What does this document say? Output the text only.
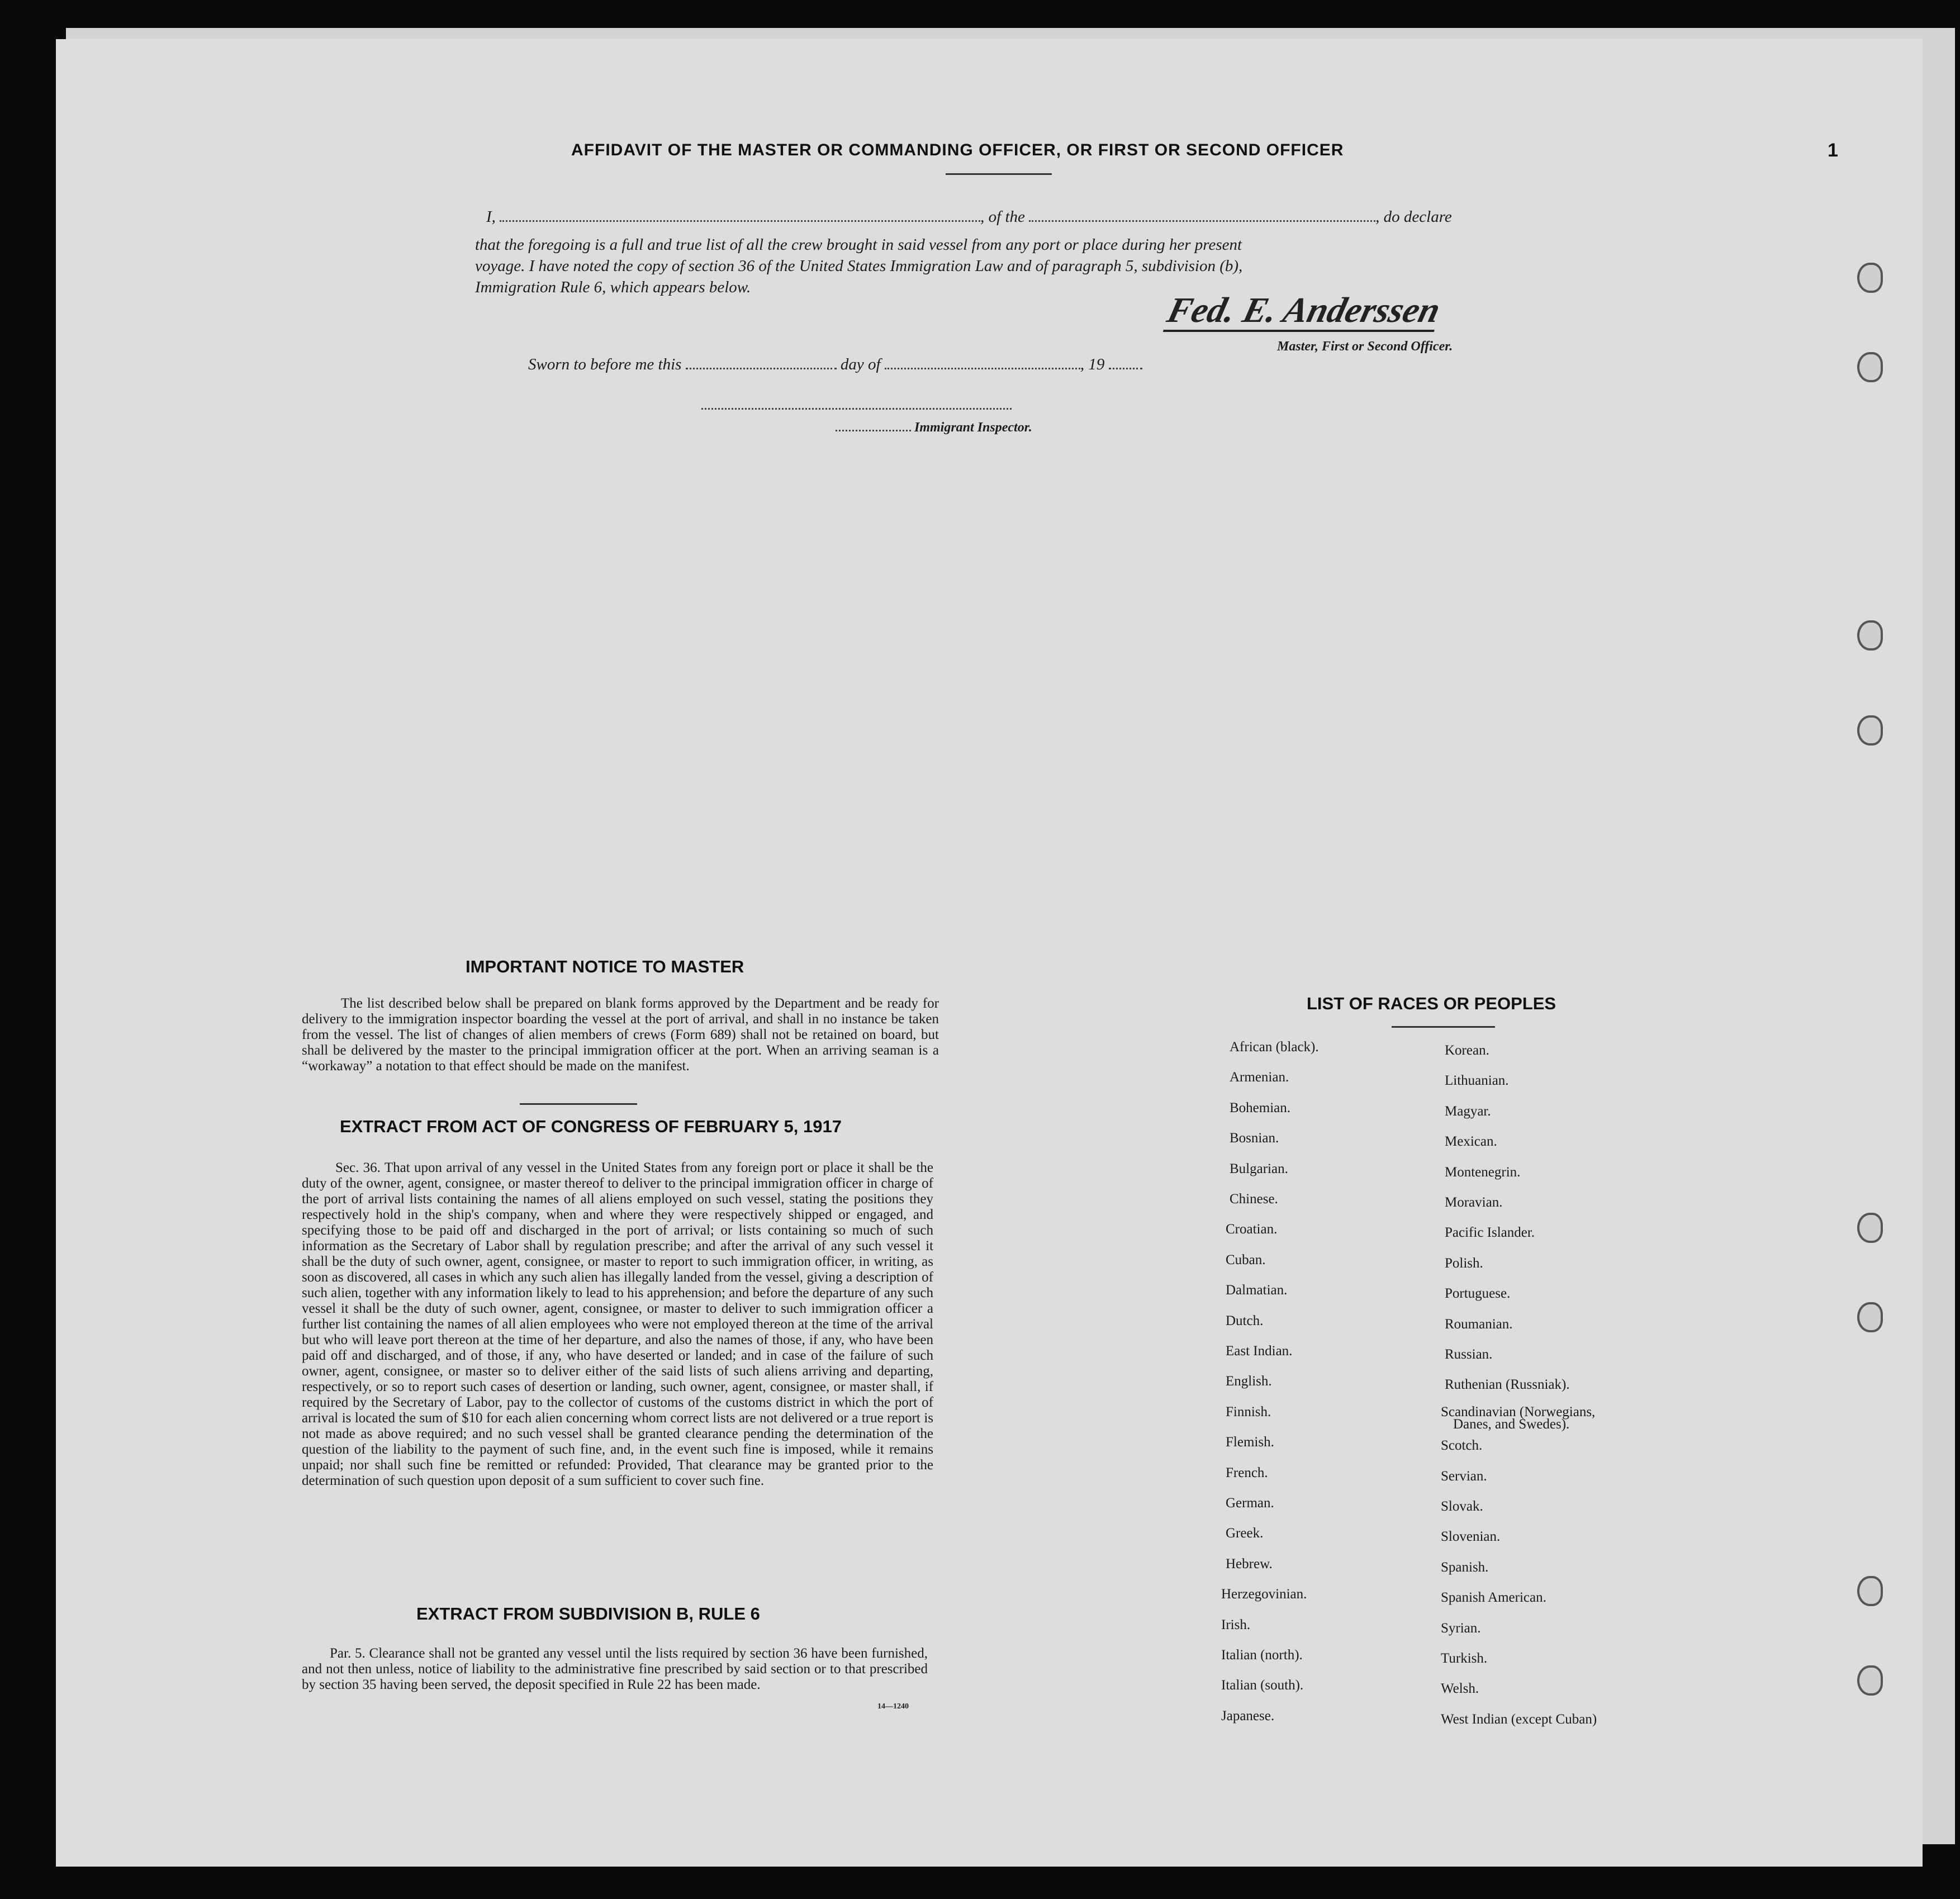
1
AFFIDAVIT OF THE MASTER OR COMMANDING OFFICER, OR FIRST OR SECOND OFFICER
I,	, of the	, do declare
that the foregoing is a full and true list of all the crew brought in said vessel from any port or place during her present
voyage. I have noted the copy of section 36 of the United States Immigration Law and of paragraph 5, subdivision (b),
Immigration Rule 6, which appears below.
Fed. E. Anderssen
Master, First or Second Officer.
Sworn to before me this	day of	, 19
Immigrant Inspector.
IMPORTANT NOTICE TO MASTER
The list described below shall be prepared on blank forms approved by the Department and be ready for delivery to the immigration inspector boarding the vessel at the port of arrival, and shall in no instance be taken from the vessel. The list of changes of alien members of crews (Form 689) shall not be retained on board, but shall be delivered by the master to the principal immigration officer at the port. When an arriving seaman is a “workaway” a notation to that effect should be made on the manifest.
EXTRACT FROM ACT OF CONGRESS OF FEBRUARY 5, 1917
Sec. 36. That upon arrival of any vessel in the United States from any foreign port or place it shall be the duty of the owner, agent, consignee, or master thereof to deliver to the principal immigration officer in charge of the port of arrival lists containing the names of all aliens employed on such vessel, stating the positions they respectively hold in the ship's company, when and where they were respectively shipped or engaged, and specifying those to be paid off and discharged in the port of arrival; or lists containing so much of such information as the Secretary of Labor shall by regulation prescribe; and after the arrival of any such vessel it shall be the duty of such owner, agent, consignee, or master to report to such immigration officer, in writing, as soon as discovered, all cases in which any such alien has illegally landed from the vessel, giving a description of such alien, together with any information likely to lead to his apprehension; and before the departure of any such vessel it shall be the duty of such owner, agent, consignee, or master to deliver to such immigration officer a further list containing the names of all alien employees who were not employed thereon at the time of the arrival but who will leave port thereon at the time of her departure, and also the names of those, if any, who have been paid off and discharged, and of those, if any, who have deserted or landed; and in case of the failure of such owner, agent, consignee, or master so to deliver either of the said lists of such aliens arriving and departing, respectively, or so to report such cases of desertion or landing, such owner, agent, consignee, or master shall, if required by the Secretary of Labor, pay to the collector of customs of the customs district in which the port of arrival is located the sum of $10 for each alien concerning whom correct lists are not delivered or a true report is not made as above required; and no such vessel shall be granted clearance pending the determination of the question of the liability to the payment of such fine, and, in the event such fine is imposed, while it remains unpaid; nor shall such fine be remitted or refunded: Provided, That clearance may be granted prior to the determination of such question upon deposit of a sum sufficient to cover such fine.
EXTRACT FROM SUBDIVISION B, RULE 6
Par. 5. Clearance shall not be granted any vessel until the lists required by section 36 have been furnished, and not then unless, notice of liability to the administrative fine prescribed by said section or to that prescribed by section 35 having been served, the deposit specified in Rule 22 has been made.
14—1240
LIST OF RACES OR PEOPLES
African (black).
Armenian.
Bohemian.
Bosnian.
Bulgarian.
Chinese.
Croatian.
Cuban.
Dalmatian.
Dutch.
East Indian.
English.
Finnish.
Flemish.
French.
German.
Greek.
Hebrew.
Herzegovinian.
Irish.
Italian (north).
Italian (south).
Japanese.
Korean.
Lithuanian.
Magyar.
Mexican.
Montenegrin.
Moravian.
Pacific Islander.
Polish.
Portuguese.
Roumanian.
Russian.
Ruthenian (Russniak).
Scandinavian (Norwegians,
Scotch.
Servian.
Slovak.
Slovenian.
Spanish.
Spanish American.
Syrian.
Turkish.
Welsh.
West Indian (except Cuban)
Danes, and Swedes).
